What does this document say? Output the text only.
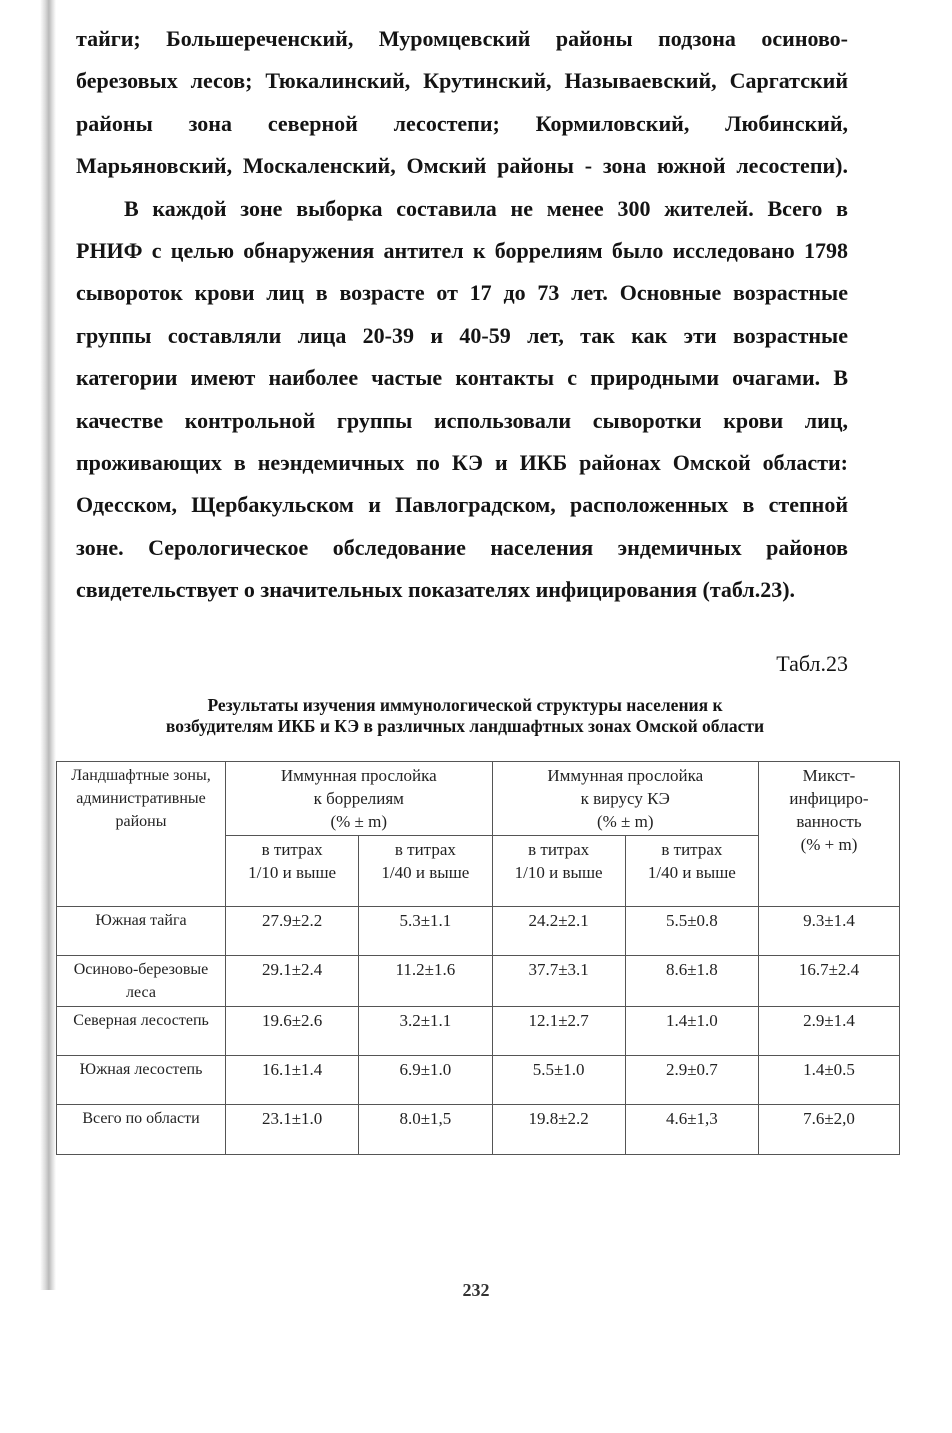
тайги; Большереченский, Муромцевский районы подзона осиново-
березовых лесов; Тюкалинский, Крутинский, Называевский, Саргатский
районы зона северной лесостепи; Кормиловский, Любинский,
Марьяновский, Москаленский, Омский районы - зона южной лесостепи).

В каждой зоне выборка составила не менее 300 жителей. Всего в
РНИФ с целью обнаружения антител к боррелиям было исследовано 1798
сывороток крови лиц в возрасте от 17 до 73 лет. Основные возрастные
группы составляли лица 20-39 и 40-59 лет, так как эти возрастные
категории имеют наиболее частые контакты с природными очагами. В
качестве контрольной группы использовали сыворотки крови лиц,
проживающих в неэндемичных по КЭ и ИКБ районах Омской области:
Одесском, Щербакульском и Павлоградском, расположенных в степной
зоне. Серологическое обследование населения эндемичных районов

свидетельствует о значительных показателях инфицирования (табл.23).

Табл.23
Результаты изучения иммунологической структуры населения к
возбудителям ИКБ и КЭ в различных ландшафтных зонах Омской области
Ландшафтные зоны,
административные
районы	Иммунная прослойка
к боррелиям
(% ± m)		Иммунная прослойка
к вирусу КЭ
(% ± m)		Микст-
инфициро-
ванность
(% + m)
	в титрах
1/10 и выше	в титрах
1/40 и выше	в титрах
1/10 и выше	в титрах
1/40 и выше	
Южная тайга	27.9±2.2	5.3±1.1	24.2±2.1	5.5±0.8	9.3±1.4
Осиново-березовые
леса	29.1±2.4	11.2±1.6	37.7±3.1	8.6±1.8	16.7±2.4
Северная лесостепь	19.6±2.6	3.2±1.1	12.1±2.7	1.4±1.0	2.9±1.4
Южная лесостепь	16.1±1.4	6.9±1.0	5.5±1.0	2.9±0.7	1.4±0.5
Всего по области	23.1±1.0	8.0±1,5	19.8±2.2	4.6±1,3	7.6±2,0
232
